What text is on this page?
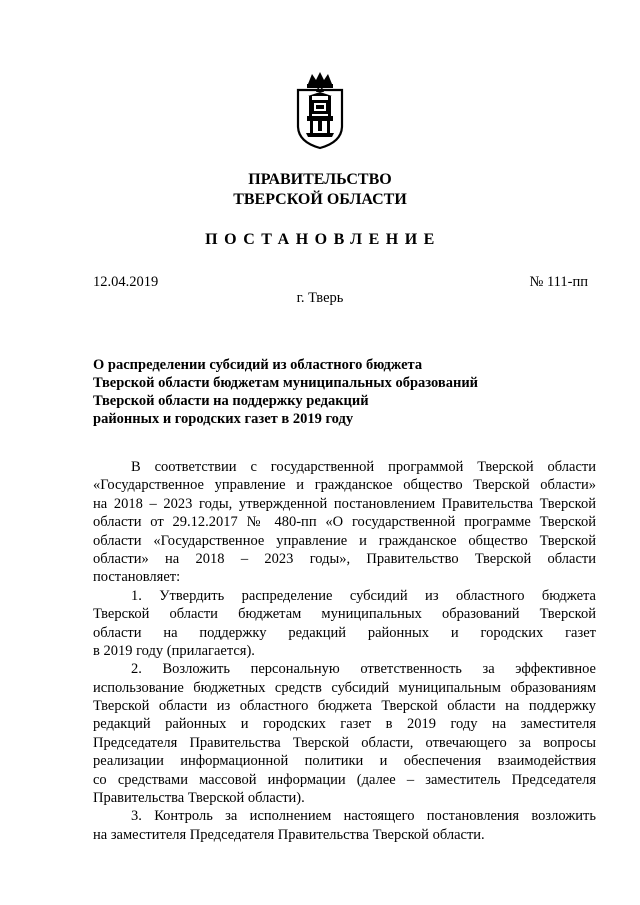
ПРАВИТЕЛЬСТВО
ТВЕРСКОЙ ОБЛАСТИ
ПОСТАНОВЛЕНИЕ
12.04.2019	№ 111-пп
г. Тверь
О распределении субсидий из областного бюджета
Тверской области бюджетам муниципальных образований
Тверской области на поддержку редакций
районных и городских газет в 2019 году
В соответствии с государственной программой Тверской области
«Государственное управление и гражданское общество Тверской области»
на 2018 – 2023 годы, утвержденной постановлением Правительства Тверской
области от 29.12.2017 № 480-пп «О государственной программе Тверской
области «Государственное управление и гражданское общество Тверской
области» на 2018 – 2023 годы», Правительство Тверской области
постановляет:
1. Утвердить распределение субсидий из областного бюджета
Тверской области бюджетам муниципальных образований Тверской
области на поддержку редакций районных и городских газет
в 2019 году (прилагается).
2. Возложить персональную ответственность за эффективное
использование бюджетных средств субсидий муниципальным образованиям
Тверской области из областного бюджета Тверской области на поддержку
редакций районных и городских газет в 2019 году на заместителя
Председателя Правительства Тверской области, отвечающего за вопросы
реализации информационной политики и обеспечения взаимодействия
со средствами массовой информации (далее – заместитель Председателя
Правительства Тверской области).
3. Контроль за исполнением настоящего постановления возложить
на заместителя Председателя Правительства Тверской области.
